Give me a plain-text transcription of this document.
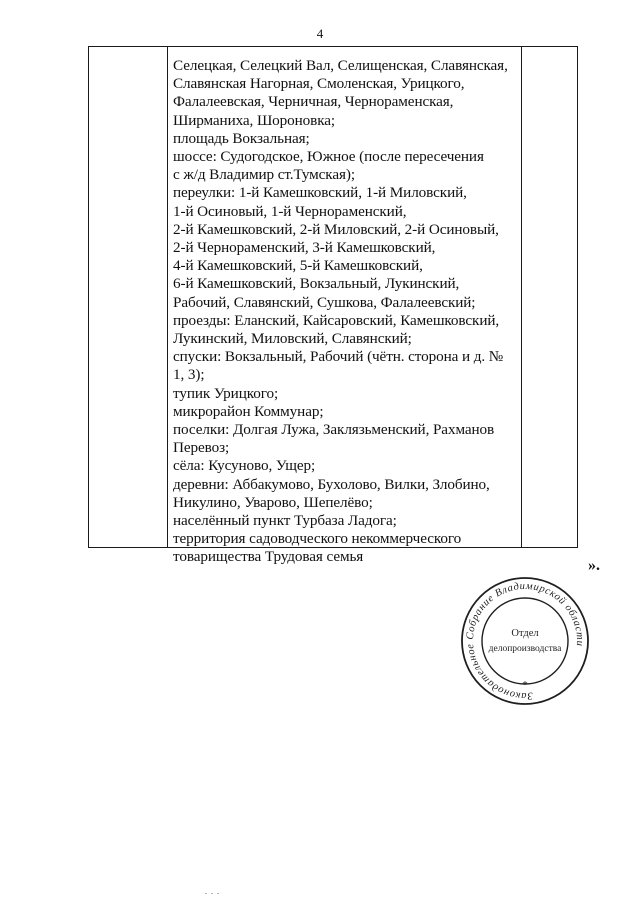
4
Селецкая, Селецкий Вал, Селищенская, Славянская,
Славянская Нагорная, Смоленская, Урицкого,
Фалалеевская, Черничная, Чернораменская,
Ширманиха, Шороновка;
площадь Вокзальная;
шоссе: Судогодское, Южное (после пересечения
с ж/д Владимир ст.Тумская);
переулки: 1-й Камешковский, 1-й Миловский,
1-й Осиновый, 1-й Чернораменский,
2-й Камешковский, 2-й Миловский, 2-й Осиновый,
2-й Чернораменский, 3-й Камешковский,
4-й Камешковский, 5-й Камешковский,
6-й Камешковский, Вокзальный, Лукинский,
Рабочий, Славянский, Сушкова, Фалалеевский;
проезды: Еланский, Кайсаровский, Камешковский,
Лукинский, Миловский, Славянский;
спуски: Вокзальный, Рабочий (чётн. сторона и д. №
1, 3);
тупик Урицкого;
микрорайон Коммунар;
поселки: Долгая Лужа, Заклязьменский, Рахманов
Перевоз;
сёла: Кусуново, Ущер;
деревни: Аббакумово, Бухолово, Вилки, Злобино,
Никулино, Уварово, Шепелёво;
населённый пункт Турбаза Ладога;
территория садоводческого некоммерческого
товарищества Трудовая семья
».
Законодательное Собрание Владимирской области
*
Отдел
делопроизводства
. . .
